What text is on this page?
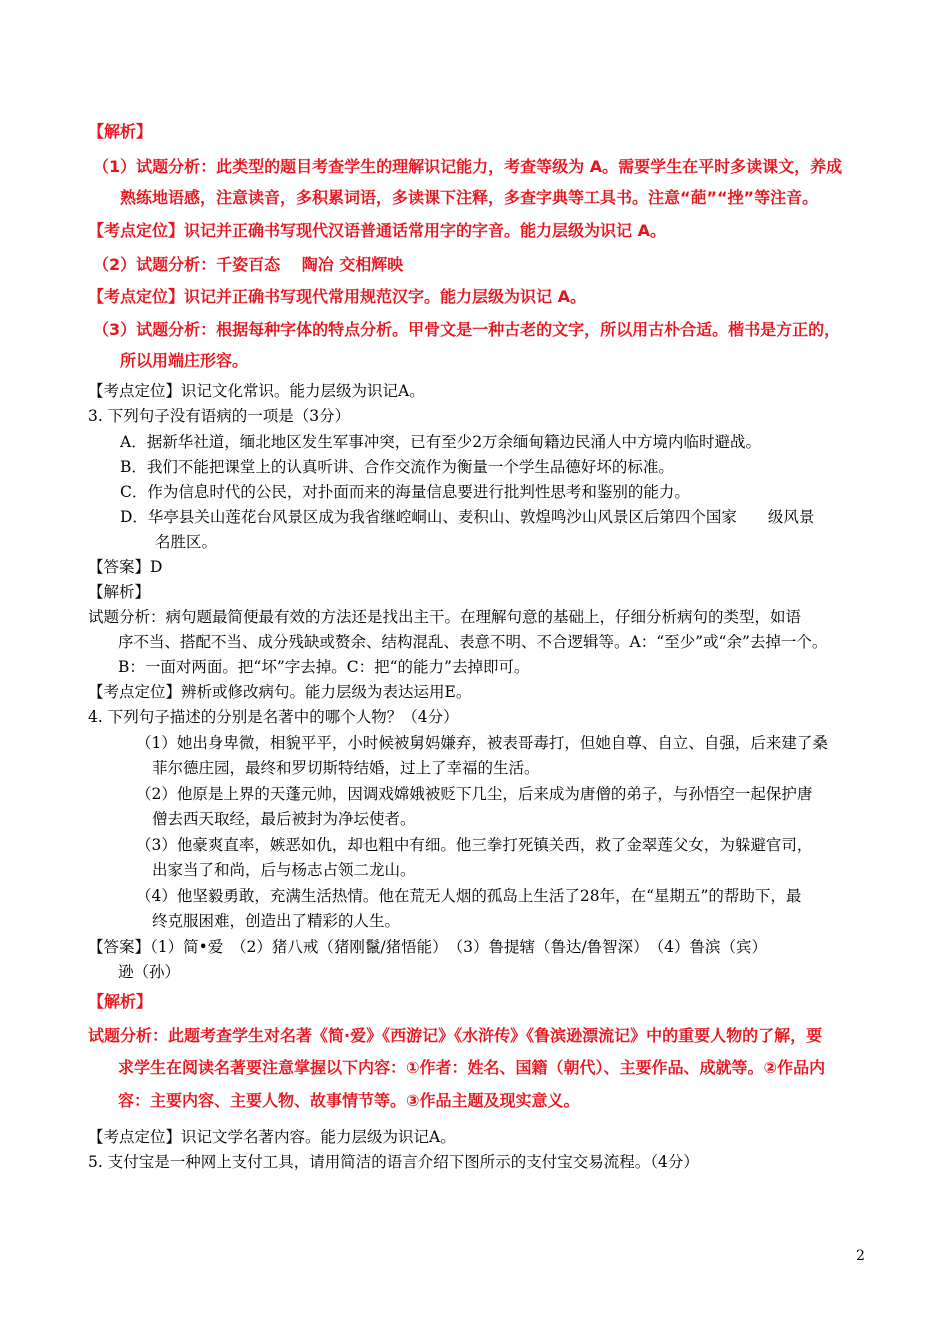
【解析】
（1）试题分析：此类型的题目考查学生的理解识记能力，考查等级为 A。需要学生在平时多读课文，养成
熟练地语感，注意读音，多积累词语，多读课下注释，多查字典等工具书。注意“葩”“挫”等注音。
【考点定位】识记并正确书写现代汉语普通话常用字的字音。能力层级为识记 A。
（2）试题分析：千姿百态　 陶冶 交相辉映
【考点定位】识记并正确书写现代常用规范汉字。能力层级为识记 A。
（3）试题分析：根据每种字体的特点分析。甲骨文是一种古老的文字，所以用古朴合适。楷书是方正的，
所以用端庄形容。
【考点定位】识记文化常识。能力层级为识记A。
3. 下列句子没有语病的一项是（3分）
A．据新华社道，缅北地区发生军事冲突，已有至少2万余缅甸籍边民涌人中方境内临时避战。
B．我们不能把课堂上的认真听讲、合作交流作为衡量一个学生品德好坏的标准。
C．作为信息时代的公民，对扑面而来的海量信息要进行批判性思考和鉴别的能力。
D．华亭县关山莲花台风景区成为我省继崆峒山、麦积山、敦煌鸣沙山风景区后第四个国家　　级风景
名胜区。
【答案】D
【解析】
试题分析：病句题最简便最有效的方法还是找出主干。在理解句意的基础上，仔细分析病句的类型，如语
序不当、搭配不当、成分残缺或赘余、结构混乱、表意不明、不合逻辑等。A：“至少”或“余”去掉一个。
B：一面对两面。把“坏”字去掉。C：把“的能力”去掉即可。
【考点定位】辨析或修改病句。能力层级为表达运用E。
4. 下列句子描述的分别是名著中的哪个人物？（4分）
（1）她出身卑微，相貌平平，小时候被舅妈嫌弃，被表哥毒打，但她自尊、自立、自强，后来建了桑
菲尔德庄园，最终和罗切斯特结婚，过上了幸福的生活。
（2）他原是上界的天蓬元帅，因调戏嫦娥被贬下几尘，后来成为唐僧的弟子，与孙悟空一起保护唐
僧去西天取经，最后被封为净坛使者。
（3）他豪爽直率，嫉恶如仇，却也粗中有细。他三拳打死镇关西，救了金翠莲父女，为躲避官司，
出家当了和尚，后与杨志占领二龙山。
（4）他坚毅勇敢，充满生活热情。他在荒无人烟的孤岛上生活了28年，在“星期五”的帮助下，最
终克服困难，创造出了精彩的人生。
【答案】（1）简•爱　（2）猪八戒（猪刚鬣/猪悟能）　（3）鲁提辖（鲁达/鲁智深）　（4）鲁滨（宾）
逊（孙）
【解析】
试题分析：此题考查学生对名著《简·爱》《西游记》《水浒传》《鲁滨逊漂流记》中的重要人物的了解，要
求学生在阅读名著要注意掌握以下内容：①作者：姓名、国籍（朝代）、主要作品、成就等。②作品内
容：主要内容、主要人物、故事情节等。③作品主题及现实意义。
【考点定位】识记文学名著内容。能力层级为识记A。
5. 支付宝是一种网上支付工具，请用简洁的语言介绍下图所示的支付宝交易流程。（4分）
2
